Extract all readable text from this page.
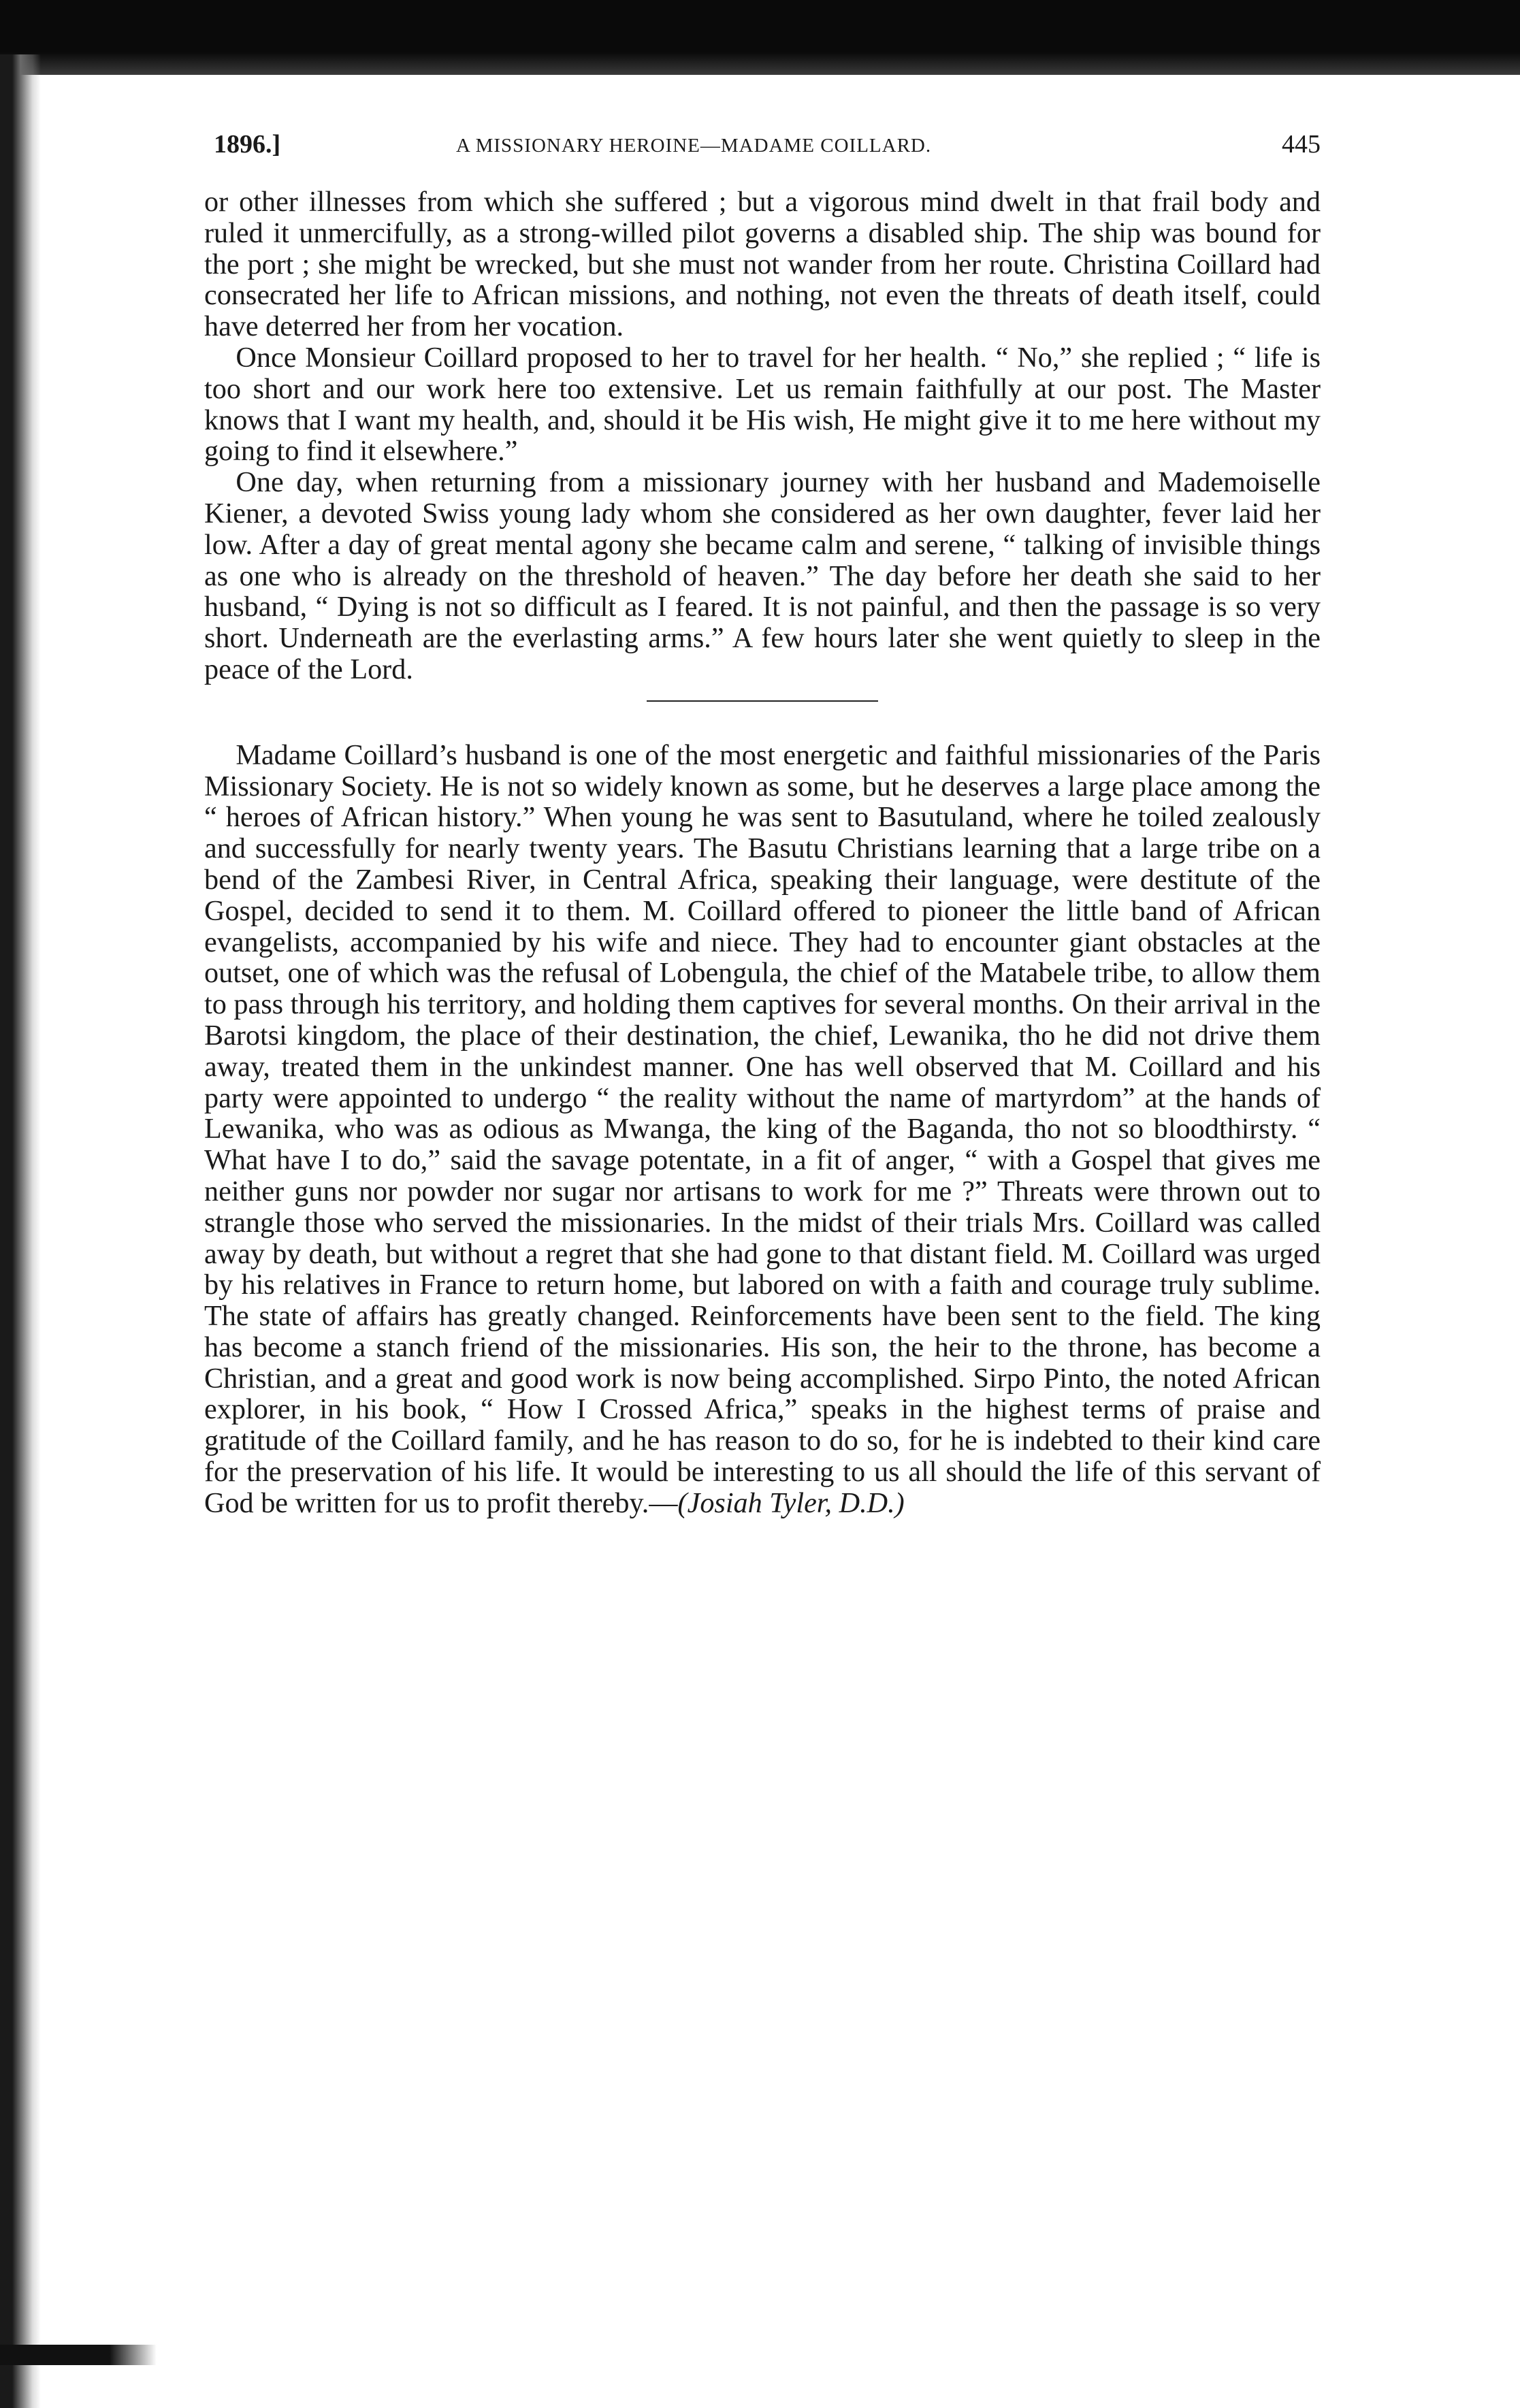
1896.]	A MISSIONARY HEROINE—MADAME COILLARD.	445

or other illnesses from which she suffered ; but a vigorous mind dwelt in that frail body and ruled it unmercifully, as a strong-willed pilot governs a disabled ship. The ship was bound for the port ; she might be wrecked, but she must not wander from her route. Christina Coillard had consecrated her life to African missions, and nothing, not even the threats of death itself, could have deterred her from her vocation.

Once Monsieur Coillard proposed to her to travel for her health. “ No,” she replied ; “ life is too short and our work here too extensive. Let us remain faithfully at our post. The Master knows that I want my health, and, should it be His wish, He might give it to me here without my going to find it elsewhere.”

One day, when returning from a missionary journey with her husband and Mademoiselle Kiener, a devoted Swiss young lady whom she considered as her own daughter, fever laid her low. After a day of great mental agony she became calm and serene, “ talking of invisible things as one who is already on the threshold of heaven.” The day before her death she said to her husband, “ Dying is not so difficult as I feared. It is not painful, and then the passage is so very short. Underneath are the everlasting arms.” A few hours later she went quietly to sleep in the peace of the Lord.

Madame Coillard’s husband is one of the most energetic and faithful missionaries of the Paris Missionary Society. He is not so widely known as some, but he deserves a large place among the “ heroes of African history.” When young he was sent to Basutuland, where he toiled zealously and successfully for nearly twenty years. The Basutu Christians learning that a large tribe on a bend of the Zambesi River, in Central Africa, speaking their language, were destitute of the Gospel, decided to send it to them. M. Coillard offered to pioneer the little band of African evangelists, accompanied by his wife and niece. They had to encounter giant obstacles at the outset, one of which was the refusal of Lobengula, the chief of the Matabele tribe, to allow them to pass through his territory, and holding them captives for several months. On their arrival in the Barotsi kingdom, the place of their destination, the chief, Lewanika, tho he did not drive them away, treated them in the unkindest manner. One has well observed that M. Coillard and his party were appointed to undergo “ the reality without the name of martyrdom” at the hands of Lewanika, who was as odious as Mwanga, the king of the Baganda, tho not so bloodthirsty. “ What have I to do,” said the savage potentate, in a fit of anger, “ with a Gospel that gives me neither guns nor powder nor sugar nor artisans to work for me ?” Threats were thrown out to strangle those who served the missionaries. In the midst of their trials Mrs. Coillard was called away by death, but without a regret that she had gone to that distant field. M. Coillard was urged by his relatives in France to return home, but labored on with a faith and courage truly sublime. The state of affairs has greatly changed. Reinforcements have been sent to the field. The king has become a stanch friend of the missionaries. His son, the heir to the throne, has become a Christian, and a great and good work is now being accomplished. Sirpo Pinto, the noted African explorer, in his book, “ How I Crossed Africa,” speaks in the highest terms of praise and gratitude of the Coillard family, and he has reason to do so, for he is indebted to their kind care for the preservation of his life. It would be interesting to us all should the life of this servant of God be written for us to profit thereby.—(Josiah Tyler, D.D.)
